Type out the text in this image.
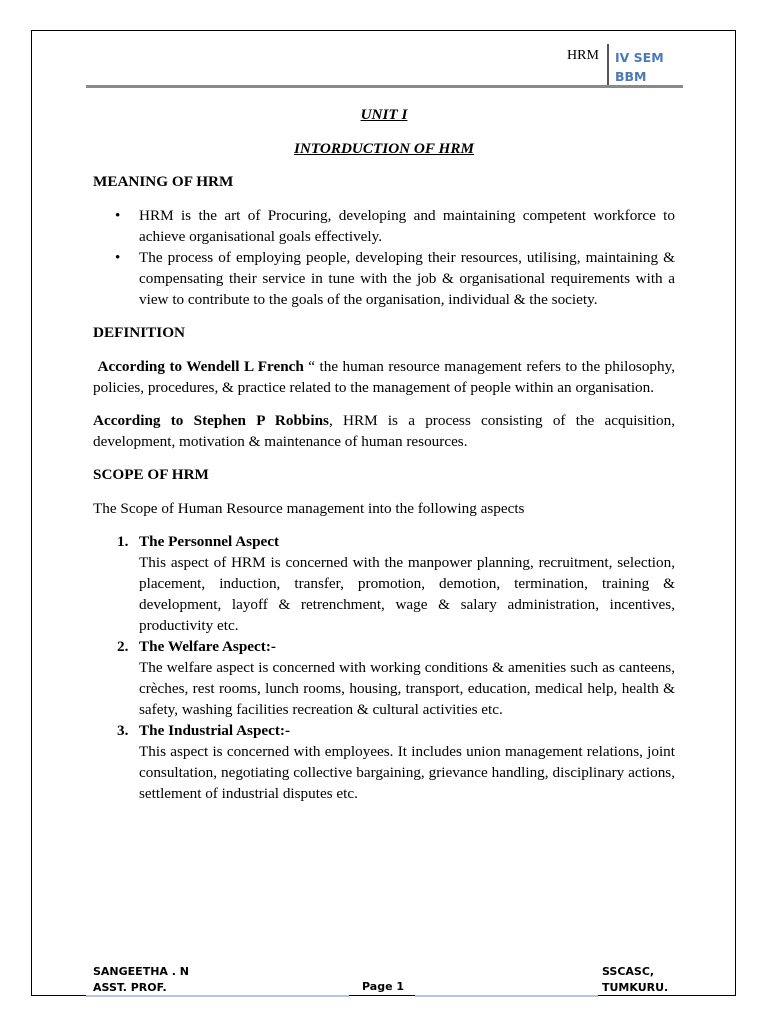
HRM IV SEM
BBM
UNIT I
INTORDUCTION OF HRM
MEANING OF HRM
• HRM is the art of Procuring, developing and maintaining competent workforce to achieve organisational goals effectively.
• The process of employing people, developing their resources, utilising, maintaining & compensating their service in tune with the job & organisational requirements with a view to contribute to the goals of the organisation, individual & the society.
DEFINITION

According to Wendell L French “ the human resource management refers to the philosophy, policies, procedures, & practice related to the management of people within an organisation.

According to Stephen P Robbins, HRM is a process consisting of the acquisition, development, motivation & maintenance of human resources.

SCOPE OF HRM

The Scope of Human Resource management into the following aspects

1. The Personnel Aspect
This aspect of HRM is concerned with the manpower planning, recruitment, selection, placement, induction, transfer, promotion, demotion, termination, training & development, layoff & retrenchment, wage & salary administration, incentives, productivity etc.
2. The Welfare Aspect:-
The welfare aspect is concerned with working conditions & amenities such as canteens, crèches, rest rooms, lunch rooms, housing, transport, education, medical help, health & safety, washing facilities recreation & cultural activities etc.
3. The Industrial Aspect:-
This aspect is concerned with employees. It includes union management relations, joint consultation, negotiating collective bargaining, grievance handling, disciplinary actions, settlement of industrial disputes etc.
SANGEETHA . N
ASST. PROF.	Page 1
SSCASC,
TUMKURU.
